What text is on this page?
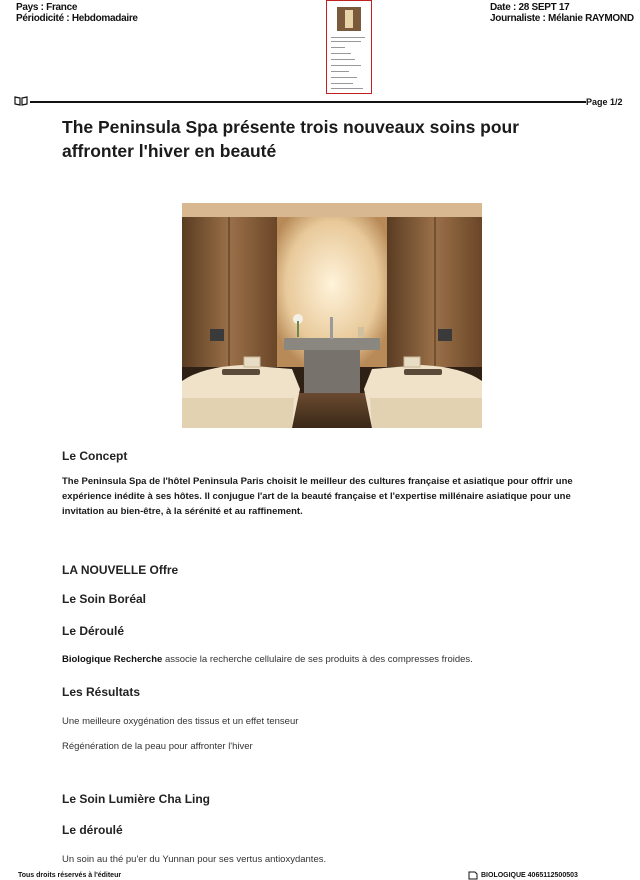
Pays : France
Périodicité : Hebdomadaire
Date : 28 SEPT 17
Journaliste : Mélanie RAYMOND
Page 1/2
The Peninsula Spa présente trois nouveaux soins pour affronter l'hiver en beauté
Le Concept
The Peninsula Spa de l'hôtel Peninsula Paris choisit le meilleur des cultures française et asiatique pour offrir une expérience inédite à ses hôtes. Il conjugue l'art de la beauté française et l'expertise millénaire asiatique pour une invitation au bien-être, à la sérénité et au raffinement.
LA NOUVELLE Offre
Le Soin Boréal
Le Déroulé
Biologique Recherche associe la recherche cellulaire de ses produits à des compresses froides.
Les Résultats
Une meilleure oxygénation des tissus et un effet tenseur
Régénération de la peau pour affronter l'hiver
Le Soin Lumière Cha Ling
Le déroulé
Un soin au thé pu'er du Yunnan pour ses vertus antioxydantes.
Tous droits réservés à l'éditeur	BIOLOGIQUE 4065112500503
